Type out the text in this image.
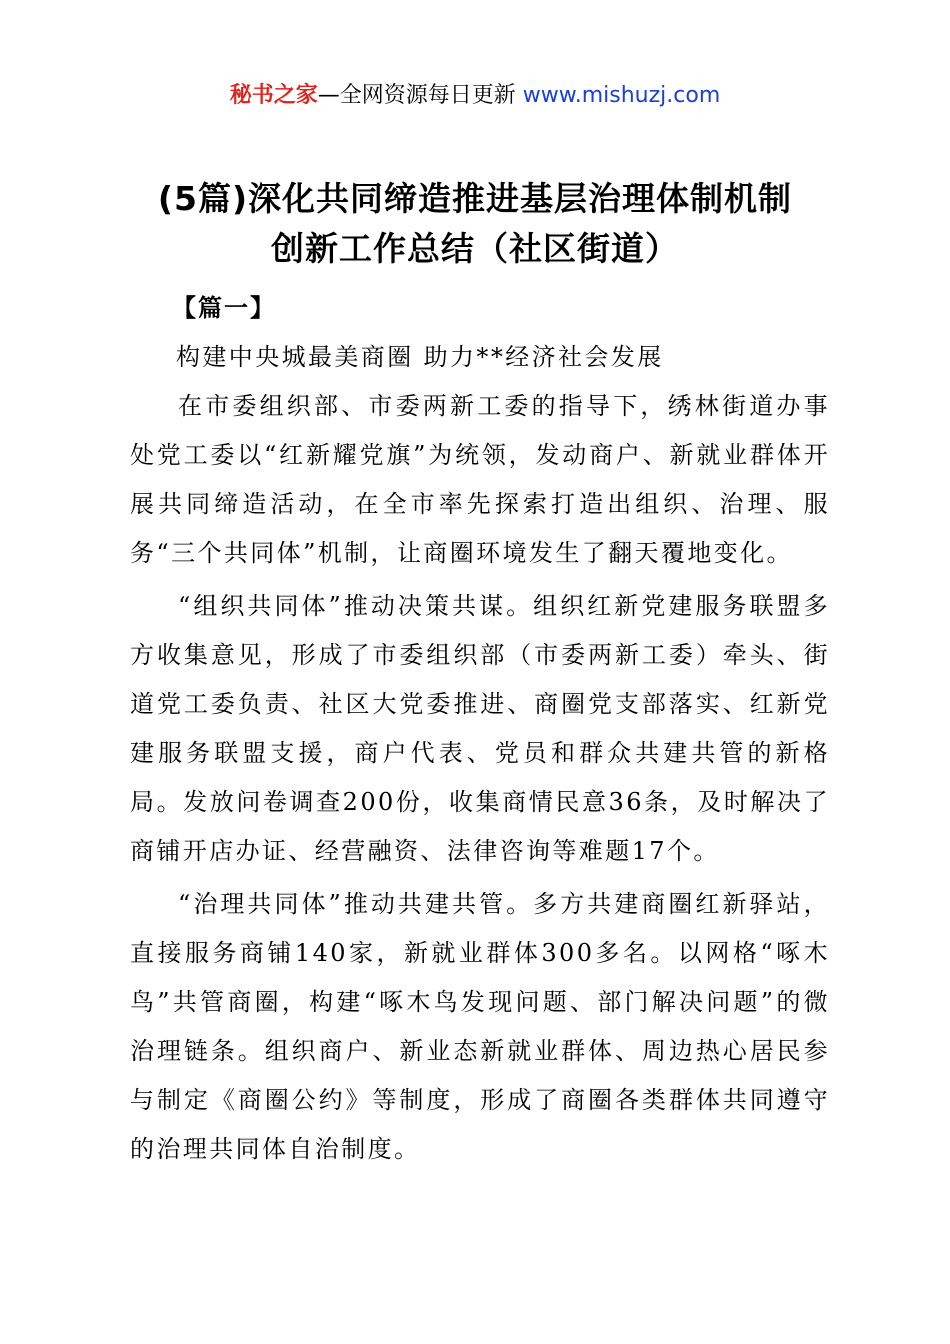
秘书之家—全网资源每日更新 www.mishuzj.com
(5篇)深化共同缔造推进基层治理体制机制
创新工作总结（社区街道）

【篇一】

构建中央城最美商圈 助力**经济社会发展

在市委组织部、市委两新工委的指导下，绣林街道办事处党工委以“红新耀党旗”为统领，发动商户、新就业群体开展共同缔造活动，在全市率先探索打造出组织、治理、服务“三个共同体”机制，让商圈环境发生了翻天覆地变化。

“组织共同体”推动决策共谋。组织红新党建服务联盟多方收集意见，形成了市委组织部（市委两新工委）牵头、街道党工委负责、社区大党委推进、商圈党支部落实、红新党建服务联盟支援，商户代表、党员和群众共建共管的新格局。发放问卷调查200份，收集商情民意36条，及时解决了商铺开店办证、经营融资、法律咨询等难题17个。

“治理共同体”推动共建共管。多方共建商圈红新驿站，直接服务商铺140家，新就业群体300多名。以网格“啄木鸟”共管商圈，构建“啄木鸟发现问题、部门解决问题”的微治理链条。组织商户、新业态新就业群体、周边热心居民参与制定《商圈公约》等制度，形成了商圈各类群体共同遵守的治理共同体自治制度。
